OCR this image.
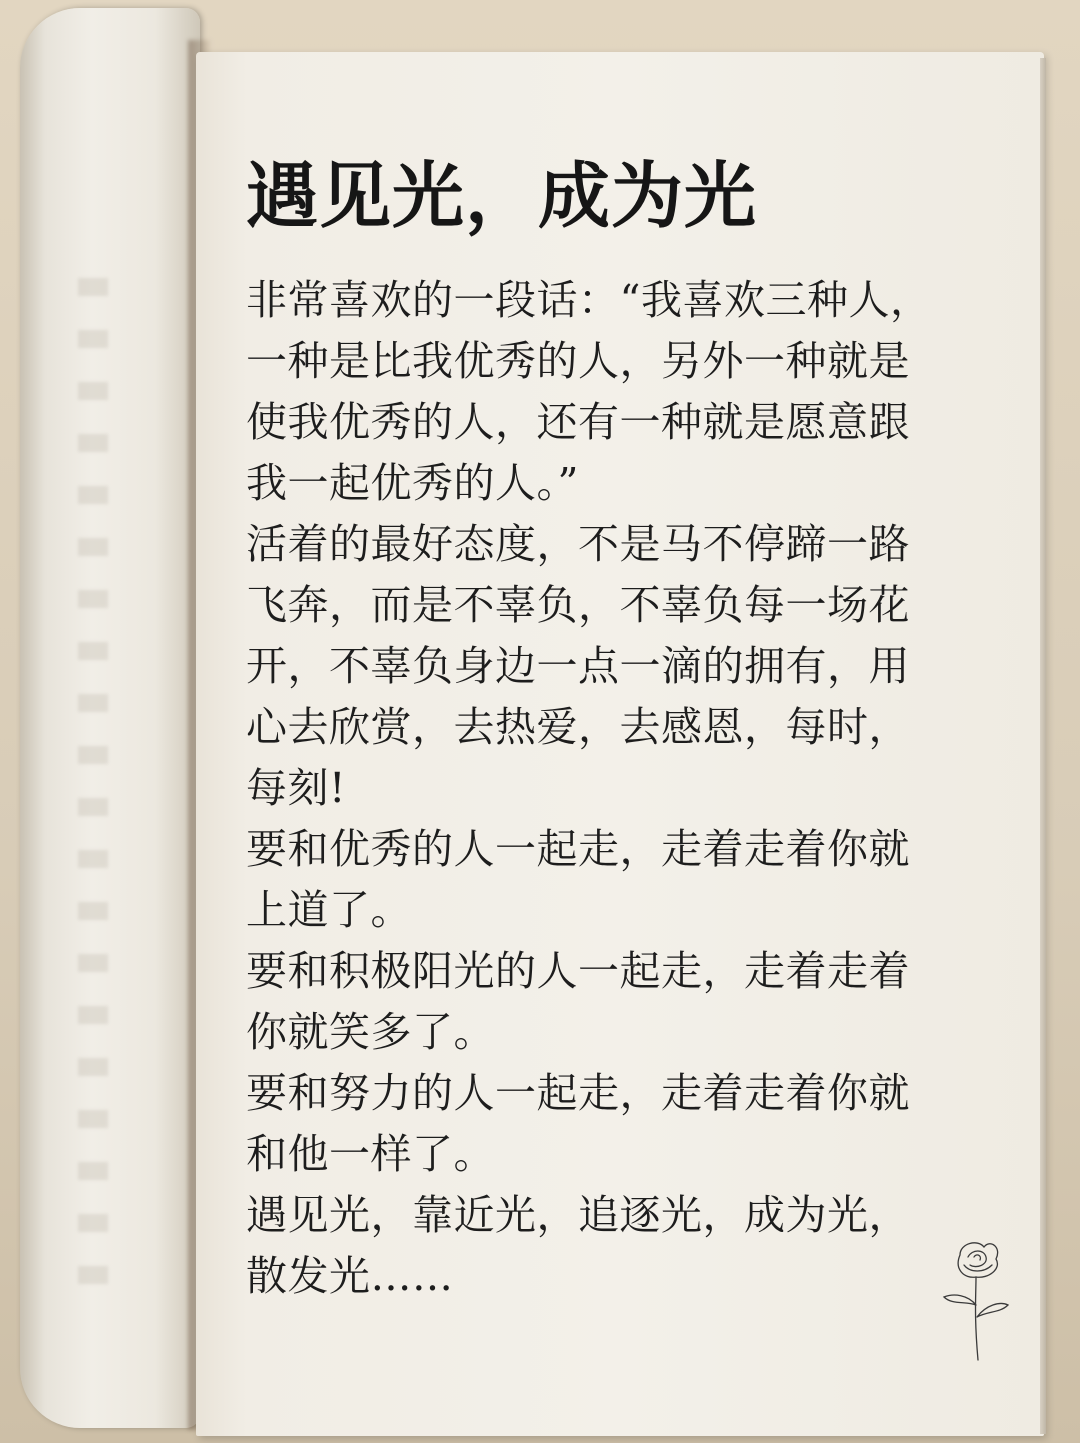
遇见光，成为光

非常喜欢的一段话：“我喜欢三种人，一种是比我优秀的人，另外一种就是使我优秀的人，还有一种就是愿意跟我一起优秀的人。”

活着的最好态度，不是马不停蹄一路飞奔，而是不辜负，不辜负每一场花开，不辜负身边一点一滴的拥有，用心去欣赏，去热爱，去感恩，每时，每刻!

要和优秀的人一起走，走着走着你就上道了。

要和积极阳光的人一起走，走着走着你就笑多了。

要和努力的人一起走，走着走着你就和他一样了。

遇见光，靠近光，追逐光，成为光，散发光……
